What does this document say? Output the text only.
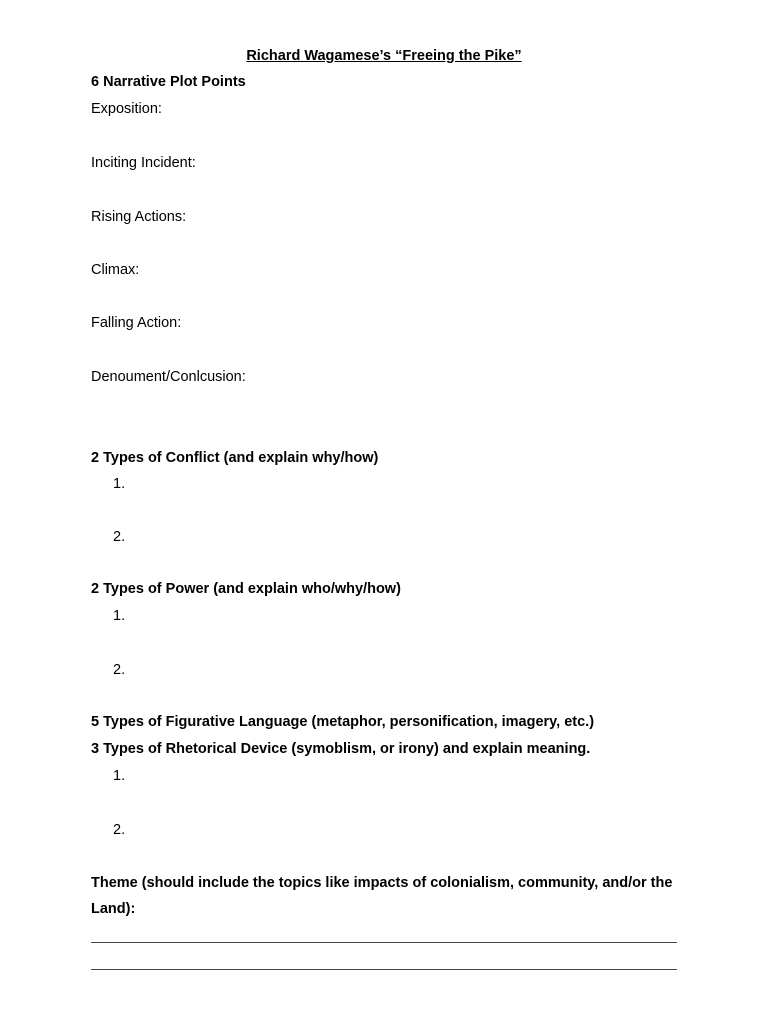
Richard Wagamese’s “Freeing the Pike”
6 Narrative Plot Points
Exposition:
Inciting Incident:
Rising Actions:
Climax:
Falling Action:
Denoument/Conlcusion:
2 Types of Conflict (and explain why/how)
1.
2.
2 Types of Power (and explain who/why/how)
1.
2.
5 Types of Figurative Language (metaphor, personification, imagery, etc.)
3 Types of Rhetorical Device (symoblism, or irony) and explain meaning.
1.
2.
Theme (should include the topics like impacts of colonialism, community, and/or the Land):
